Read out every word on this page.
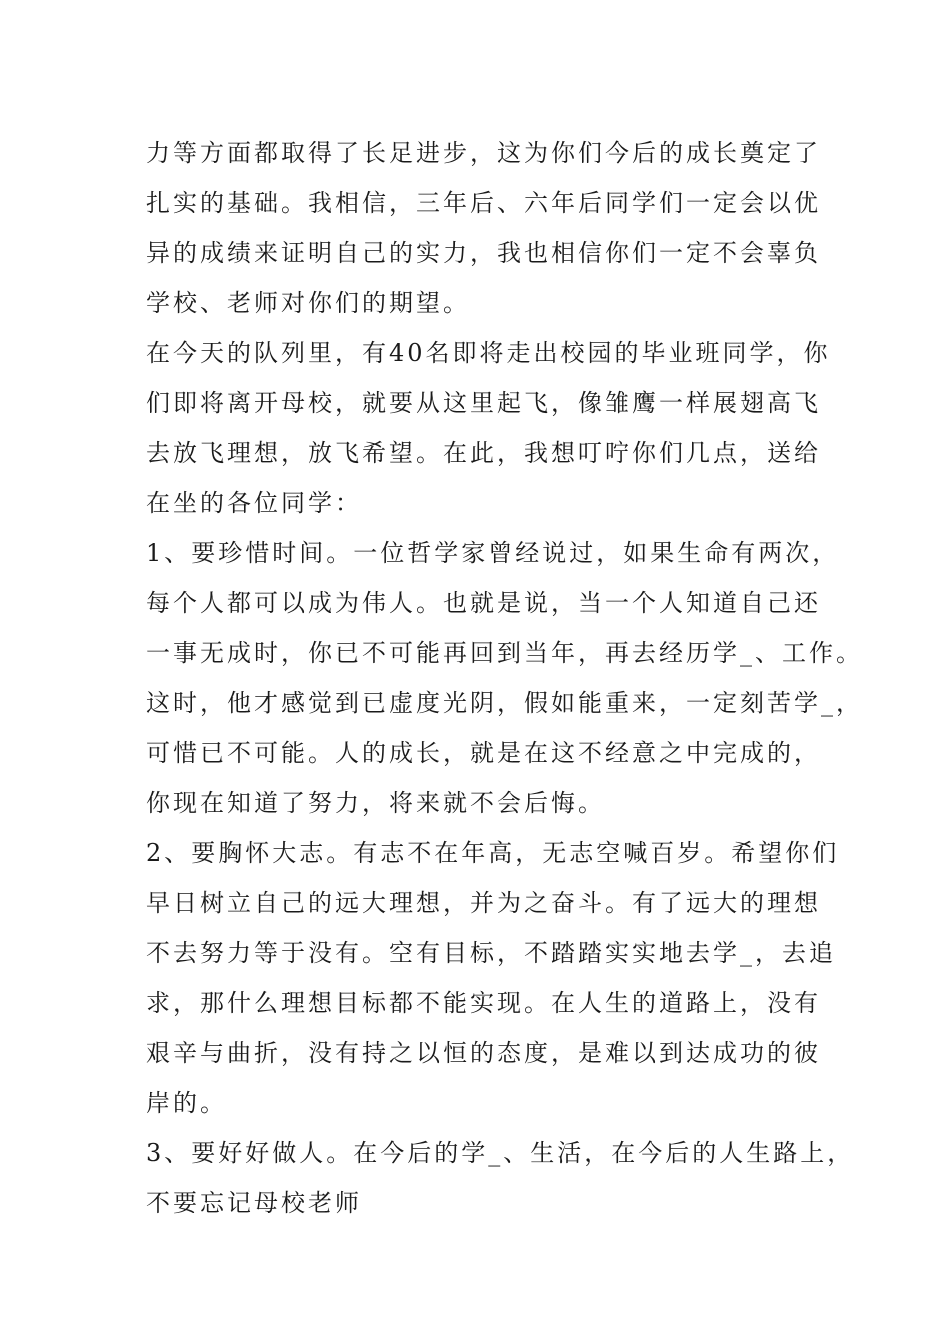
力等方面都取得了长足进步，这为你们今后的成长奠定了
扎实的基础。我相信，三年后、六年后同学们一定会以优
异的成绩来证明自己的实力，我也相信你们一定不会辜负
学校、老师对你们的期望。
在今天的队列里，有40名即将走出校园的毕业班同学，你
们即将离开母校，就要从这里起飞，像雏鹰一样展翅高飞
去放飞理想，放飞希望。在此，我想叮咛你们几点，送给
在坐的各位同学：
1、要珍惜时间。一位哲学家曾经说过，如果生命有两次，
每个人都可以成为伟人。也就是说，当一个人知道自己还
一事无成时，你已不可能再回到当年，再去经历学_、工作。
这时，他才感觉到已虚度光阴，假如能重来，一定刻苦学_，
可惜已不可能。人的成长，就是在这不经意之中完成的，
你现在知道了努力，将来就不会后悔。
2、要胸怀大志。有志不在年高，无志空喊百岁。希望你们
早日树立自己的远大理想，并为之奋斗。有了远大的理想
不去努力等于没有。空有目标，不踏踏实实地去学_，去追
求，那什么理想目标都不能实现。在人生的道路上，没有
艰辛与曲折，没有持之以恒的态度，是难以到达成功的彼
岸的。
3、要好好做人。在今后的学_、生活，在今后的人生路上，
不要忘记母校老师
